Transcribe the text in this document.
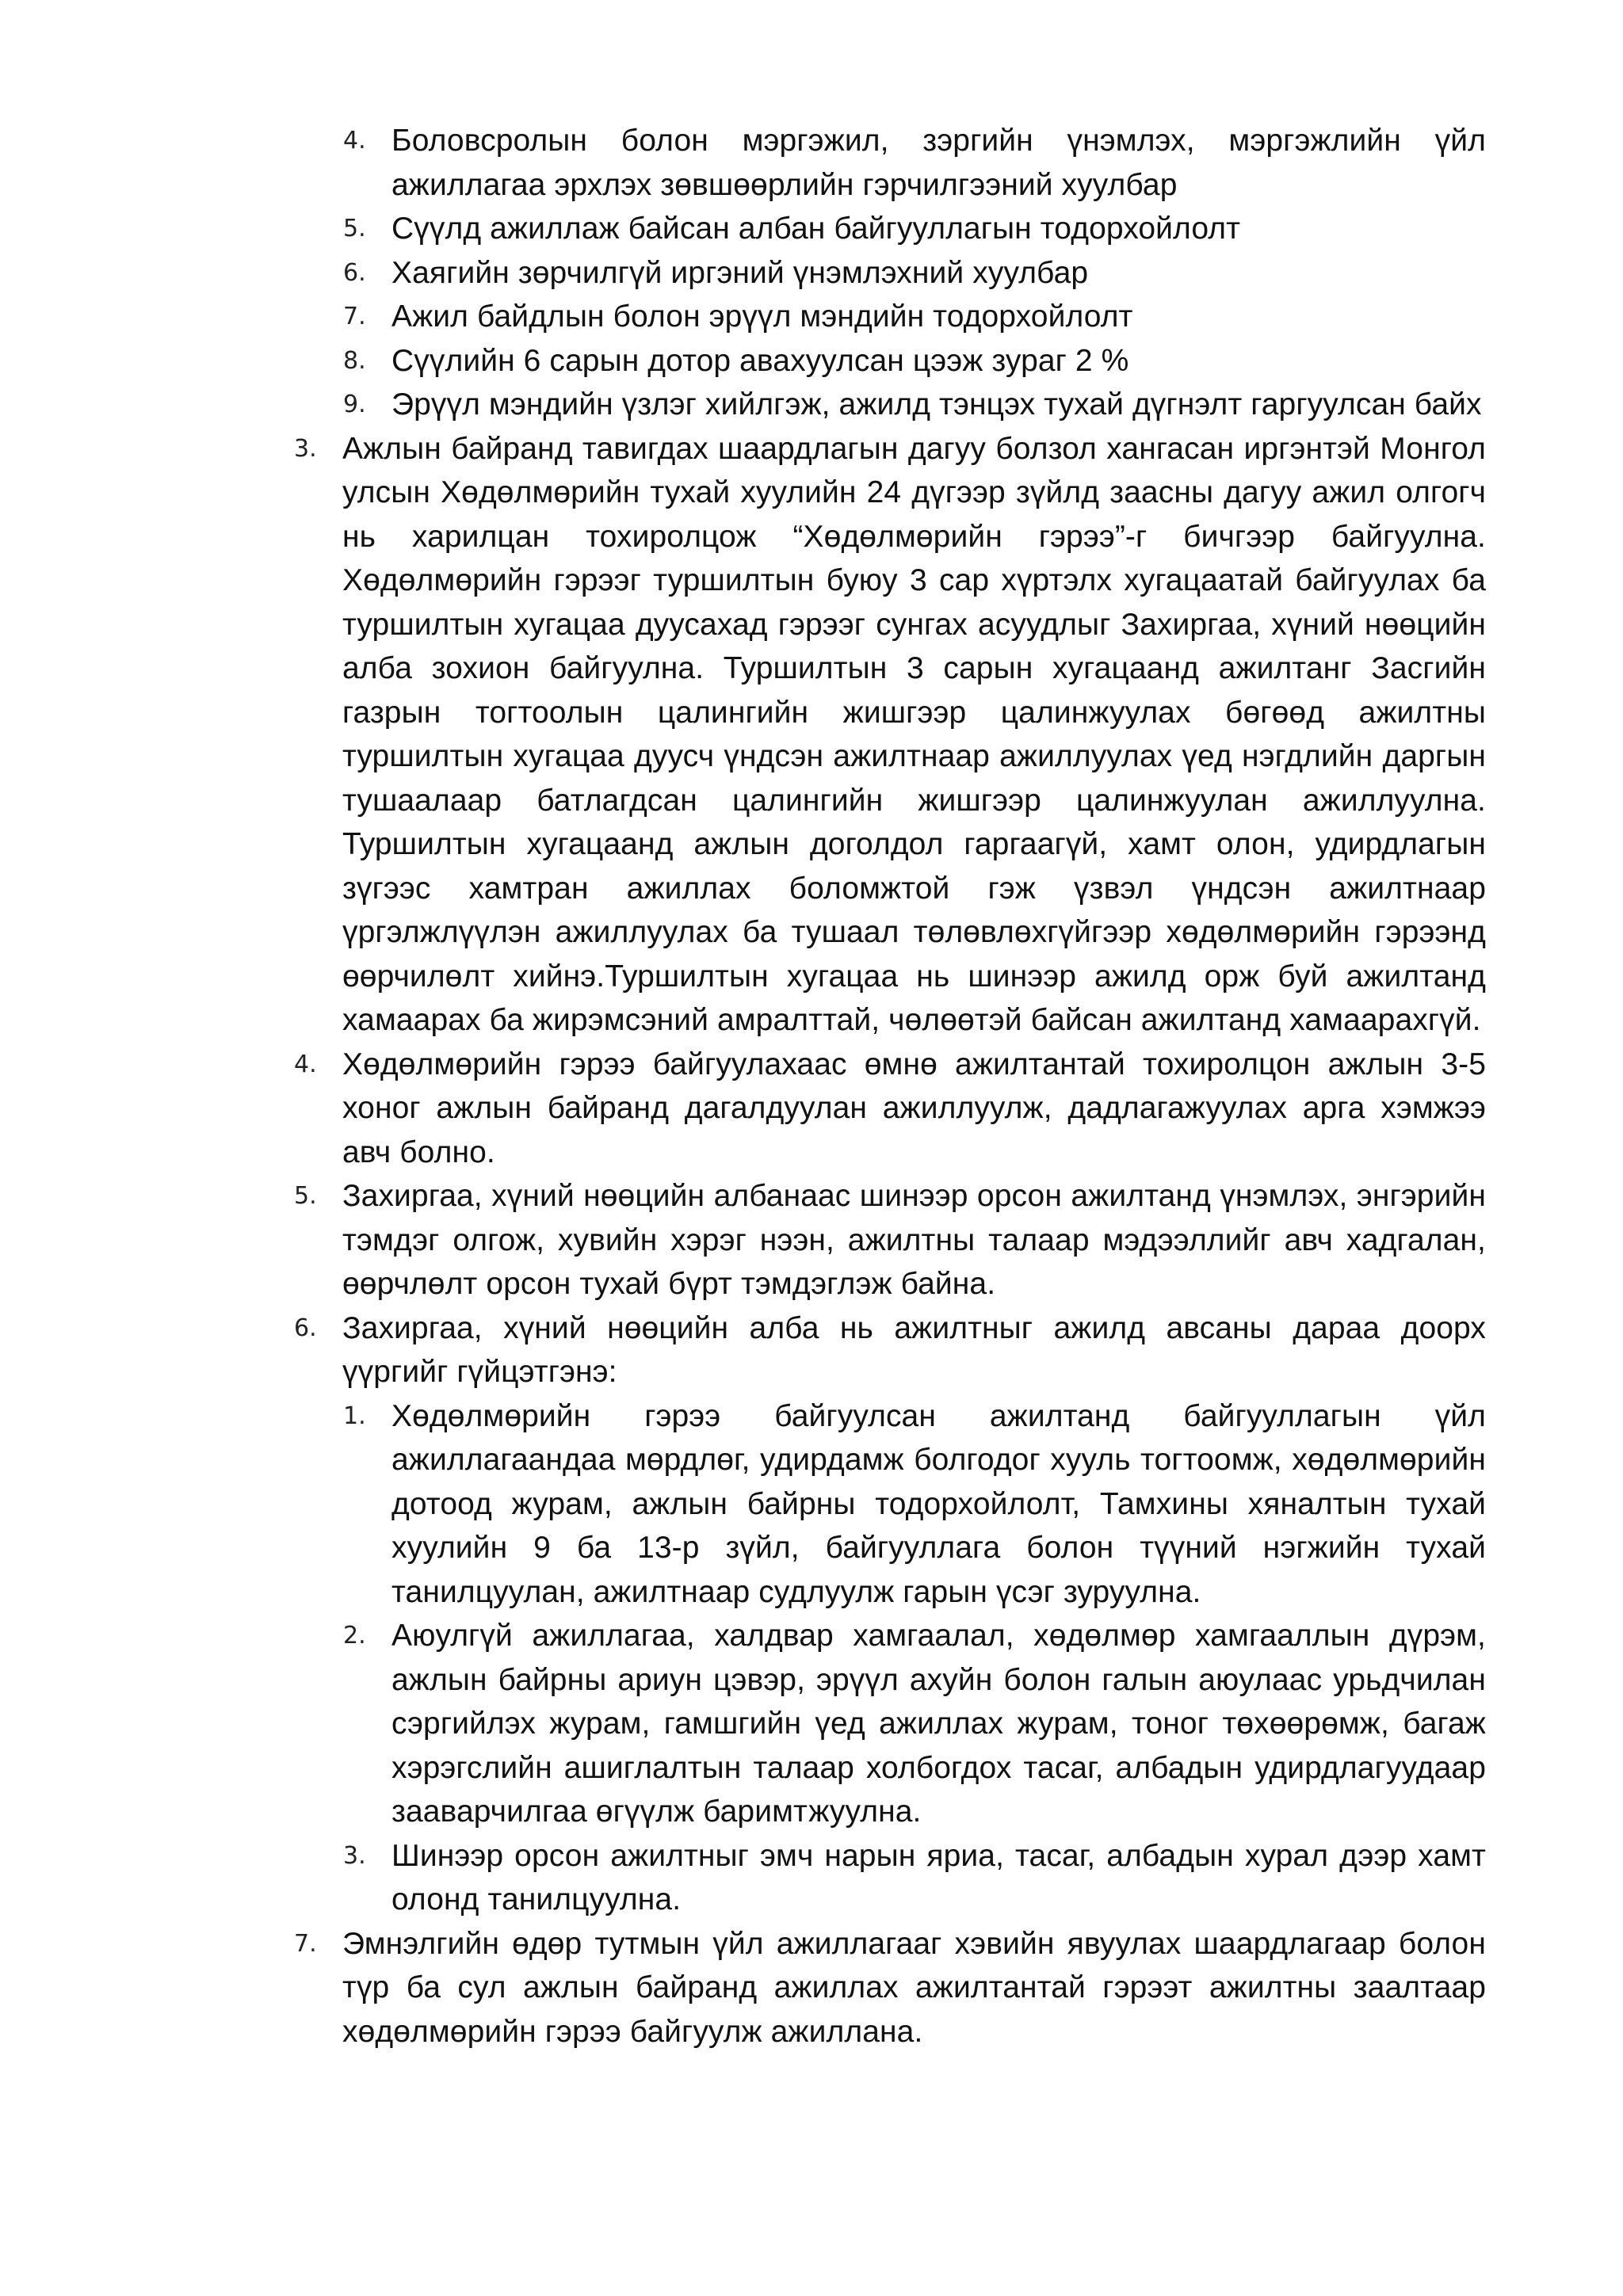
4. Боловсролын болон мэргэжил, зэргийн үнэмлэх, мэргэжлийн үйл ажиллагаа эрхлэх зөвшөөрлийн гэрчилгээний хуулбар
5. Сүүлд ажиллаж байсан албан байгууллагын тодорхойлолт
6. Хаягийн зөрчилгүй иргэний үнэмлэхний хуулбар
7. Ажил байдлын болон эрүүл мэндийн тодорхойлолт
8. Сүүлийн 6 сарын дотор авахуулсан цээж зураг 2 %
9. Эрүүл мэндийн үзлэг хийлгэж, ажилд тэнцэх тухай дүгнэлт гаргуулсан байх
3. Ажлын байранд тавигдах шаардлагын дагуу болзол хангасан иргэнтэй Монгол улсын Хөдөлмөрийн тухай хуулийн 24 дүгээр зүйлд заасны дагуу ажил олгогч нь харилцан тохиролцож “Хөдөлмөрийн гэрээ”-г бичгээр байгуулна. Хөдөлмөрийн гэрээг туршилтын буюу 3 сар хүртэлх хугацаатай байгуулах ба туршилтын хугацаа дуусахад гэрээг сунгах асуудлыг Захиргаа, хүний нөөцийн алба зохион байгуулна. Туршилтын 3 сарын хугацаанд ажилтанг Засгийн газрын тогтоолын цалингийн жишгээр цалинжуулах бөгөөд ажилтны туршилтын хугацаа дуусч үндсэн ажилтнаар ажиллуулах үед нэгдлийн даргын тушаалаар батлагдсан цалингийн жишгээр цалинжуулан ажиллуулна. Туршилтын хугацаанд ажлын доголдол гаргаагүй, хамт олон, удирдлагын зүгээс хамтран ажиллах боломжтой гэж үзвэл үндсэн ажилтнаар үргэлжлүүлэн ажиллуулах ба тушаал төлөвлөхгүйгээр хөдөлмөрийн гэрээнд өөрчилөлт хийнэ.Туршилтын хугацаа нь шинээр ажилд орж буй ажилтанд хамаарах ба жирэмсэний амралттай, чөлөөтэй байсан ажилтанд хамаарахгүй.
4. Хөдөлмөрийн гэрээ байгуулахаас өмнө ажилтантай тохиролцон ажлын 3-5 хоног ажлын байранд дагалдуулан ажиллуулж, дадлагажуулах арга хэмжээ авч болно.
5. Захиргаа, хүний нөөцийн албанаас шинээр орсон ажилтанд үнэмлэх, энгэрийн тэмдэг олгож, хувийн хэрэг нээн, ажилтны талаар мэдээллийг авч хадгалан, өөрчлөлт орсон тухай бүрт тэмдэглэж байна.
6. Захиргаа, хүний нөөцийн алба нь ажилтныг ажилд авсаны дараа доорх үүргийг гүйцэтгэнэ:
1. Хөдөлмөрийн гэрээ байгуулсан ажилтанд байгууллагын үйл ажиллагаандаа мөрдлөг, удирдамж болгодог хууль тогтоомж, хөдөлмөрийн дотоод журам, ажлын байрны тодорхойлолт, Тамхины хяналтын тухай хуулийн 9 ба 13-р зүйл, байгууллага болон түүний нэгжийн тухай танилцуулан, ажилтнаар судлуулж гарын үсэг зуруулна.
2. Аюулгүй ажиллагаа, халдвар хамгаалал, хөдөлмөр хамгааллын дүрэм, ажлын байрны ариун цэвэр, эрүүл ахуйн болон галын аюулаас урьдчилан сэргийлэх журам, гамшгийн үед ажиллах журам, тоног төхөөрөмж, багаж хэрэгслийн ашиглалтын талаар холбогдох тасаг, албадын удирдлагуудаар зааварчилгаа өгүүлж баримтжуулна.
3. Шинээр орсон ажилтныг эмч нарын яриа, тасаг, албадын хурал дээр хамт олонд танилцуулна.
7. Эмнэлгийн өдөр тутмын үйл ажиллагааг хэвийн явуулах шаардлагаар болон түр ба сул ажлын байранд ажиллах ажилтантай гэрээт ажилтны заалтаар хөдөлмөрийн гэрээ байгуулж ажиллана.
